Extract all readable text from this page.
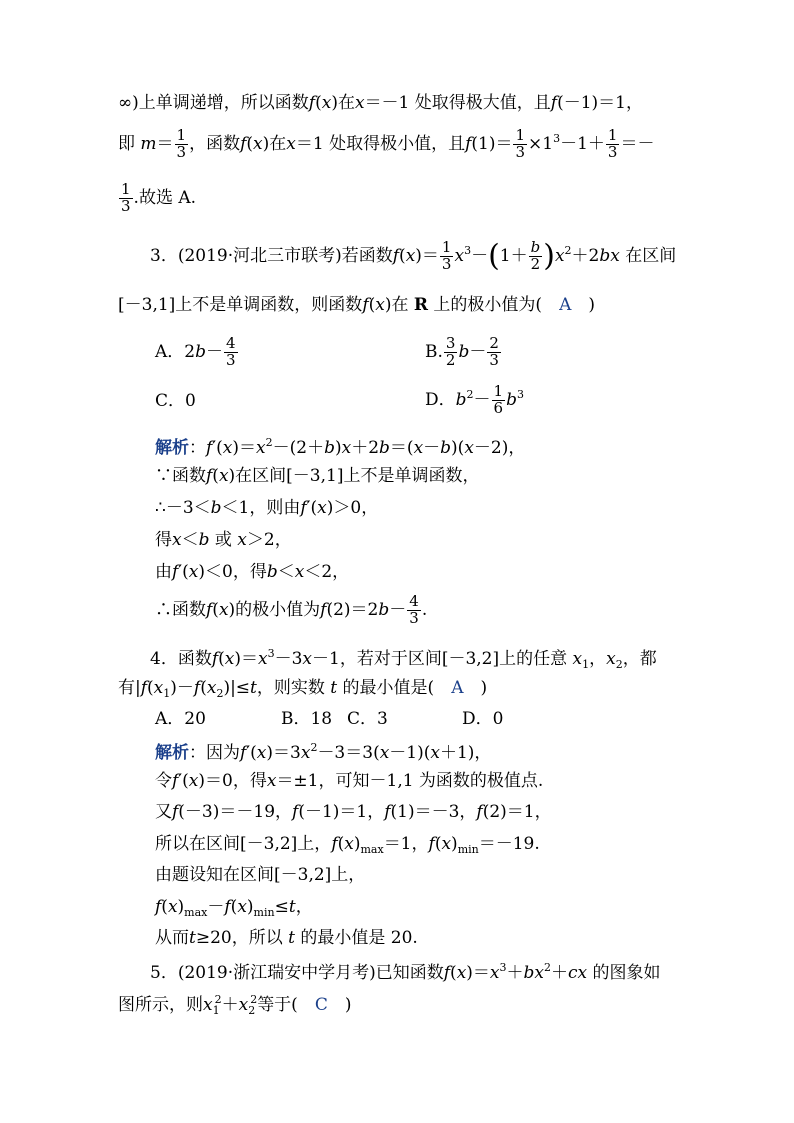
∞)上单调递增，所以函数f(x)在x＝－1 处取得极大值，且f(－1)＝1，
即 $m= \frac{1}{3}$ ，函数f(x)在x＝1 处取得极小值，且$f(1)= \frac{1}{3} \times 1^3-1+ \frac{1}{3}$ ＝－
$\frac{1}{3}$ .故选 A.
3．(2019·河北三市联考)若函数$f(x)= \frac{1}{3} x^3-(1+ \frac{b}{2} )x^2+2bx$ 在区间
[－3,1]上不是单调函数，则函数f(x)在 R 上的极小值为(　A　)
A．$2b- \frac{4}{3}$	B. $\frac{3}{2} b- \frac{2}{3}$
C．0	D．$b^2- \frac{1}{6} b^3$
解析：$f'(x)=x^2-(2+b)x+2b=(x-b)(x-2)$，
∵函数f(x)在区间[－3,1]上不是单调函数，
∴－3＜b＜1，则由f′(x)＞0，
得x＜b 或 x＞2，
由f′(x)＜0，得b＜x＜2，
∴函数f(x)的极小值为$f(2)=2b- \frac{4}{3}$ .
4．函数$f(x)=x^3-3x-1$，若对于区间[－3,2]上的任意 $x_1$，$x_2$，都
有$|f(x_1)-f(x_2)|\le t$，则实数 t 的最小值是(　A　)
A．20	B．18 C．3	D．0
解析：因为$f'(x)=3x^2-3=3(x-1)(x+1)$，
令f′(x)＝0，得x＝±1，可知－1,1 为函数的极值点.
又f(－3)＝－19，f(－1)＝1，f(1)＝－3，f(2)＝1，
所以在区间[－3,2]上，$f(x)_{max}=1$，$f(x)_{min}=-19$.
由题设知在区间[－3,2]上，
$f(x)_{max}-f(x)_{min}\le t$，
从而t≥20，所以 t 的最小值是 20.
5．(2019·浙江瑞安中学月考)已知函数$f(x)=x^3+bx^2+cx$ 的图象如
图所示，则$x_1^2+x_2^2$等于(　C　)
